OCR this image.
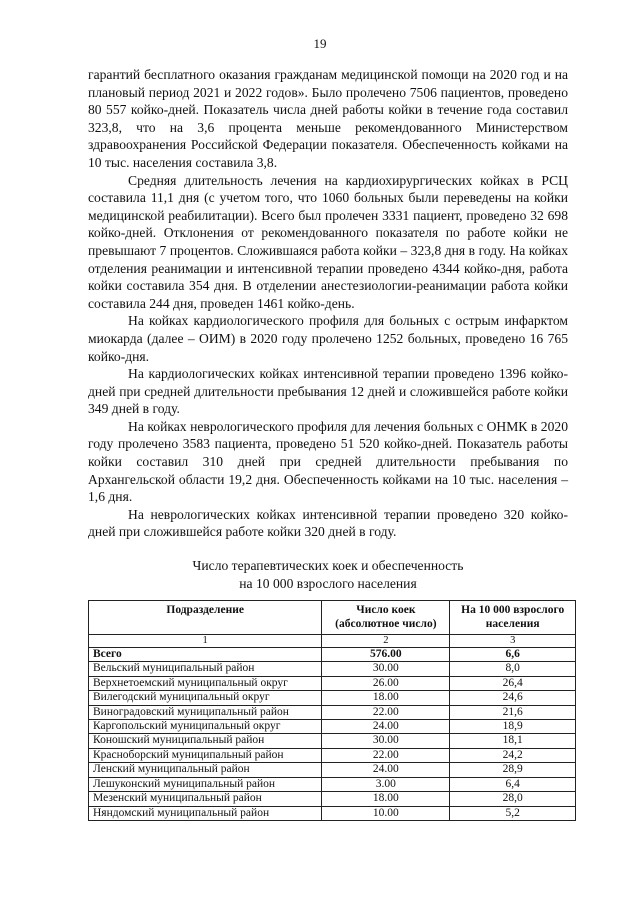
19

гарантий бесплатного оказания гражданам медицинской помощи на 2020 год и на плановый период 2021 и 2022 годов». Было пролечено 7506 пациентов, проведено 80 557 койко-дней. Показатель числа дней работы койки в течение года составил 323,8, что на 3,6 процента меньше рекомендованного Министерством здравоохранения Российской Федерации показателя. Обеспеченность койками на 10 тыс. населения составила 3,8.

Средняя длительность лечения на кардиохирургических койках в РСЦ составила 11,1 дня (с учетом того, что 1060 больных были переведены на койки медицинской реабилитации). Всего был пролечен 3331 пациент, проведено 32 698 койко-дней. Отклонения от рекомендованного показателя по работе койки не превышают 7 процентов. Сложившаяся работа койки – 323,8 дня в году. На койках отделения реанимации и интенсивной терапии проведено 4344 койко-дня, работа койки составила 354 дня. В отделении анестезиологии-реанимации работа койки составила 244 дня, проведен 1461 койко-день.

На койках кардиологического профиля для больных с острым инфарктом миокарда (далее – ОИМ) в 2020 году пролечено 1252 больных, проведено 16 765 койко-дня.

На кардиологических койках интенсивной терапии проведено 1396 койко-дней при средней длительности пребывания 12 дней и сложившейся работе койки 349 дней в году.

На койках неврологического профиля для лечения больных с ОНМК в 2020 году пролечено 3583 пациента, проведено 51 520 койко-дней. Показатель работы койки составил 310 дней при средней длительности пребывания по Архангельской области 19,2 дня. Обеспеченность койками на 10 тыс. населения – 1,6 дня.

На неврологических койках интенсивной терапии проведено 320 койко-дней при сложившейся работе койки 320 дней в году.

Число терапевтических коек и обеспеченность
на 10 000 взрослого населения
Подразделение	Число коек (абсолютное число)	На 10 000 взрослого населения
1	2	3
Всего	576.00	6,6
Вельский муниципальный район	30.00	8,0
Верхнетоемский муниципальный округ	26.00	26,4
Вилегодский муниципальный округ	18.00	24,6
Виноградовский муниципальный район	22.00	21,6
Каргопольский муниципальный округ	24.00	18,9
Коношский муниципальный район	30.00	18,1
Красноборский муниципальный район	22.00	24,2
Ленский муниципальный район	24.00	28,9
Лешуконский муниципальный район	3.00	6,4
Мезенский муниципальный район	18.00	28,0
Няндомский муниципальный район	10.00	5,2
